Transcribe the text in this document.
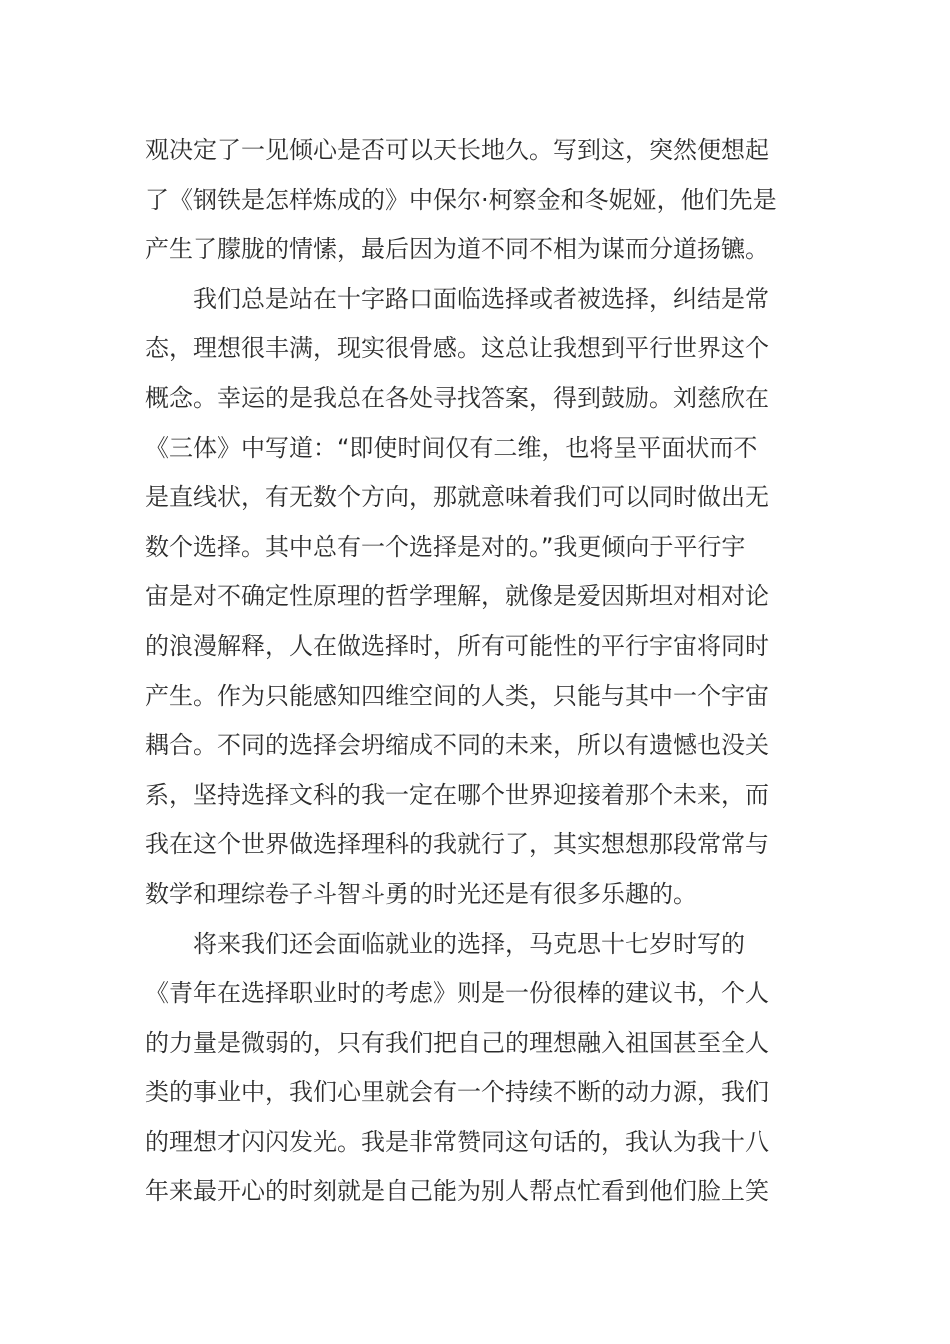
观决定了一见倾心是否可以天长地久。写到这，突然便想起
了《钢铁是怎样炼成的》中保尔·柯察金和冬妮娅，他们先是
产生了朦胧的情愫，最后因为道不同不相为谋而分道扬镳。
我们总是站在十字路口面临选择或者被选择，纠结是常
态，理想很丰满，现实很骨感。这总让我想到平行世界这个
概念。幸运的是我总在各处寻找答案，得到鼓励。刘慈欣在
《三体》中写道：“即使时间仅有二维，也将呈平面状而不
是直线状，有无数个方向，那就意味着我们可以同时做出无
数个选择。其中总有一个选择是对的。”我更倾向于平行宇
宙是对不确定性原理的哲学理解，就像是爱因斯坦对相对论
的浪漫解释，人在做选择时，所有可能性的平行宇宙将同时
产生。作为只能感知四维空间的人类，只能与其中一个宇宙
耦合。不同的选择会坍缩成不同的未来，所以有遗憾也没关
系，坚持选择文科的我一定在哪个世界迎接着那个未来，而
我在这个世界做选择理科的我就行了，其实想想那段常常与
数学和理综卷子斗智斗勇的时光还是有很多乐趣的。
将来我们还会面临就业的选择，马克思十七岁时写的
《青年在选择职业时的考虑》则是一份很棒的建议书，个人
的力量是微弱的，只有我们把自己的理想融入祖国甚至全人
类的事业中，我们心里就会有一个持续不断的动力源，我们
的理想才闪闪发光。我是非常赞同这句话的，我认为我十八
年来最开心的时刻就是自己能为别人帮点忙看到他们脸上笑
